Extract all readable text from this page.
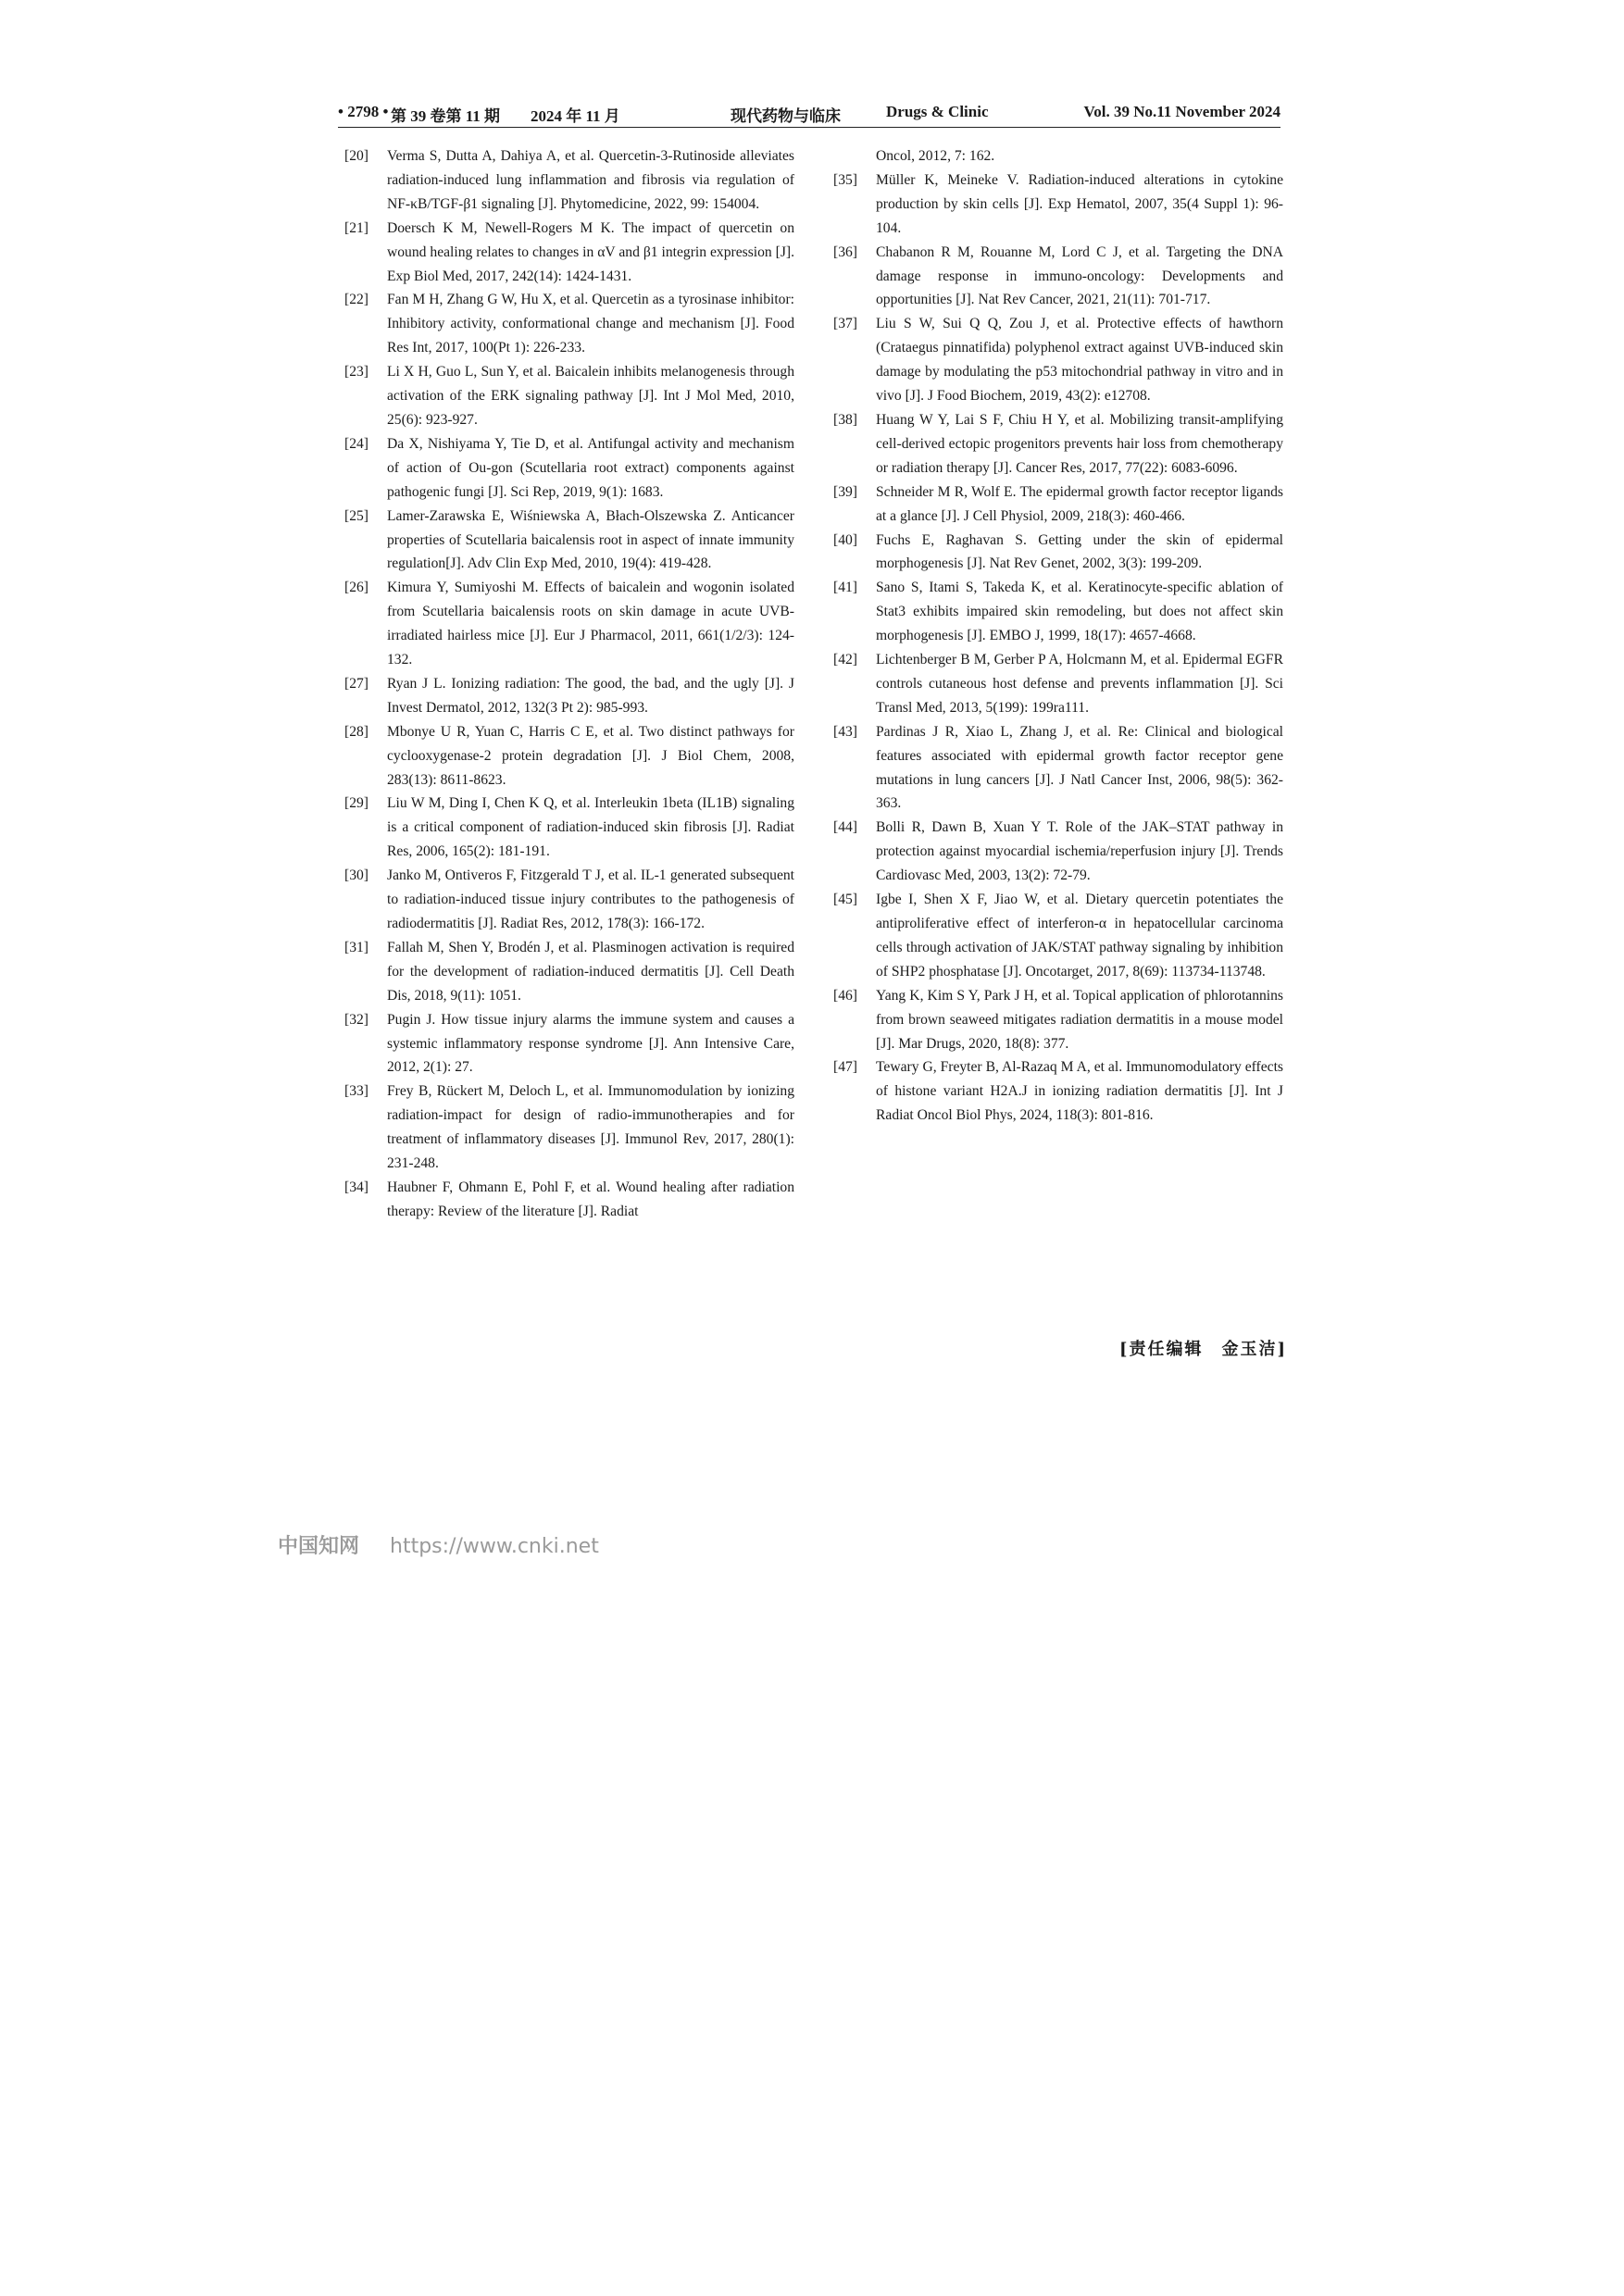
• 2798 • 第 39 卷第 11 期 2024 年 11 月	现代药物与临床	Drugs & Clinic	Vol. 39 No.11 November 2024
[20] Verma S, Dutta A, Dahiya A, et al. Quercetin-3-Rutinoside alleviates radiation-induced lung inflammation and fibrosis via regulation of NF-κB/TGF-β1 signaling [J]. Phytomedicine, 2022, 99: 154004.
[21] Doersch K M, Newell-Rogers M K. The impact of quercetin on wound healing relates to changes in αV and β1 integrin expression [J]. Exp Biol Med, 2017, 242(14): 1424-1431.
[22] Fan M H, Zhang G W, Hu X, et al. Quercetin as a tyrosinase inhibitor: Inhibitory activity, conformational change and mechanism [J]. Food Res Int, 2017, 100(Pt 1): 226-233.
[23] Li X H, Guo L, Sun Y, et al. Baicalein inhibits melanogenesis through activation of the ERK signaling pathway [J]. Int J Mol Med, 2010, 25(6): 923-927.
[24] Da X, Nishiyama Y, Tie D, et al. Antifungal activity and mechanism of action of Ou-gon (Scutellaria root extract) components against pathogenic fungi [J]. Sci Rep, 2019, 9(1): 1683.
[25] Lamer-Zarawska E, Wiśniewska A, Błach-Olszewska Z. Anticancer properties of Scutellaria baicalensis root in aspect of innate immunity regulation[J]. Adv Clin Exp Med, 2010, 19(4): 419-428.
[26] Kimura Y, Sumiyoshi M. Effects of baicalein and wogonin isolated from Scutellaria baicalensis roots on skin damage in acute UVB-irradiated hairless mice [J]. Eur J Pharmacol, 2011, 661(1/2/3): 124-132.
[27] Ryan J L. Ionizing radiation: The good, the bad, and the ugly [J]. J Invest Dermatol, 2012, 132(3 Pt 2): 985-993.
[28] Mbonye U R, Yuan C, Harris C E, et al. Two distinct pathways for cyclooxygenase-2 protein degradation [J]. J Biol Chem, 2008, 283(13): 8611-8623.
[29] Liu W M, Ding I, Chen K Q, et al. Interleukin 1beta (IL1B) signaling is a critical component of radiation-induced skin fibrosis [J]. Radiat Res, 2006, 165(2): 181-191.
[30] Janko M, Ontiveros F, Fitzgerald T J, et al. IL-1 generated subsequent to radiation-induced tissue injury contributes to the pathogenesis of radiodermatitis [J]. Radiat Res, 2012, 178(3): 166-172.
[31] Fallah M, Shen Y, Brodén J, et al. Plasminogen activation is required for the development of radiation-induced dermatitis [J]. Cell Death Dis, 2018, 9(11): 1051.
[32] Pugin J. How tissue injury alarms the immune system and causes a systemic inflammatory response syndrome [J]. Ann Intensive Care, 2012, 2(1): 27.
[33] Frey B, Rückert M, Deloch L, et al. Immunomodulation by ionizing radiation-impact for design of radio-immunotherapies and for treatment of inflammatory diseases [J]. Immunol Rev, 2017, 280(1): 231-248.
[34] Haubner F, Ohmann E, Pohl F, et al. Wound healing after radiation therapy: Review of the literature [J]. Radiat
Oncol, 2012, 7: 162.
[35] Müller K, Meineke V. Radiation-induced alterations in cytokine production by skin cells [J]. Exp Hematol, 2007, 35(4 Suppl 1): 96-104.
[36] Chabanon R M, Rouanne M, Lord C J, et al. Targeting the DNA damage response in immuno-oncology: Developments and opportunities [J]. Nat Rev Cancer, 2021, 21(11): 701-717.
[37] Liu S W, Sui Q Q, Zou J, et al. Protective effects of hawthorn (Crataegus pinnatifida) polyphenol extract against UVB-induced skin damage by modulating the p53 mitochondrial pathway in vitro and in vivo [J]. J Food Biochem, 2019, 43(2): e12708.
[38] Huang W Y, Lai S F, Chiu H Y, et al. Mobilizing transit-amplifying cell-derived ectopic progenitors prevents hair loss from chemotherapy or radiation therapy [J]. Cancer Res, 2017, 77(22): 6083-6096.
[39] Schneider M R, Wolf E. The epidermal growth factor receptor ligands at a glance [J]. J Cell Physiol, 2009, 218(3): 460-466.
[40] Fuchs E, Raghavan S. Getting under the skin of epidermal morphogenesis [J]. Nat Rev Genet, 2002, 3(3): 199-209.
[41] Sano S, Itami S, Takeda K, et al. Keratinocyte-specific ablation of Stat3 exhibits impaired skin remodeling, but does not affect skin morphogenesis [J]. EMBO J, 1999, 18(17): 4657-4668.
[42] Lichtenberger B M, Gerber P A, Holcmann M, et al. Epidermal EGFR controls cutaneous host defense and prevents inflammation [J]. Sci Transl Med, 2013, 5(199): 199ra111.
[43] Pardinas J R, Xiao L, Zhang J, et al. Re: Clinical and biological features associated with epidermal growth factor receptor gene mutations in lung cancers [J]. J Natl Cancer Inst, 2006, 98(5): 362-363.
[44] Bolli R, Dawn B, Xuan Y T. Role of the JAK–STAT pathway in protection against myocardial ischemia/reperfusion injury [J]. Trends Cardiovasc Med, 2003, 13(2): 72-79.
[45] Igbe I, Shen X F, Jiao W, et al. Dietary quercetin potentiates the antiproliferative effect of interferon-α in hepatocellular carcinoma cells through activation of JAK/STAT pathway signaling by inhibition of SHP2 phosphatase [J]. Oncotarget, 2017, 8(69): 113734-113748.
[46] Yang K, Kim S Y, Park J H, et al. Topical application of phlorotannins from brown seaweed mitigates radiation dermatitis in a mouse model [J]. Mar Drugs, 2020, 18(8): 377.
[47] Tewary G, Freyter B, Al-Razaq M A, et al. Immunomodulatory effects of histone variant H2A.J in ionizing radiation dermatitis [J]. Int J Radiat Oncol Biol Phys, 2024, 118(3): 801-816.
[责任编辑　金玉洁]
中国知网 https://www.cnki.net
